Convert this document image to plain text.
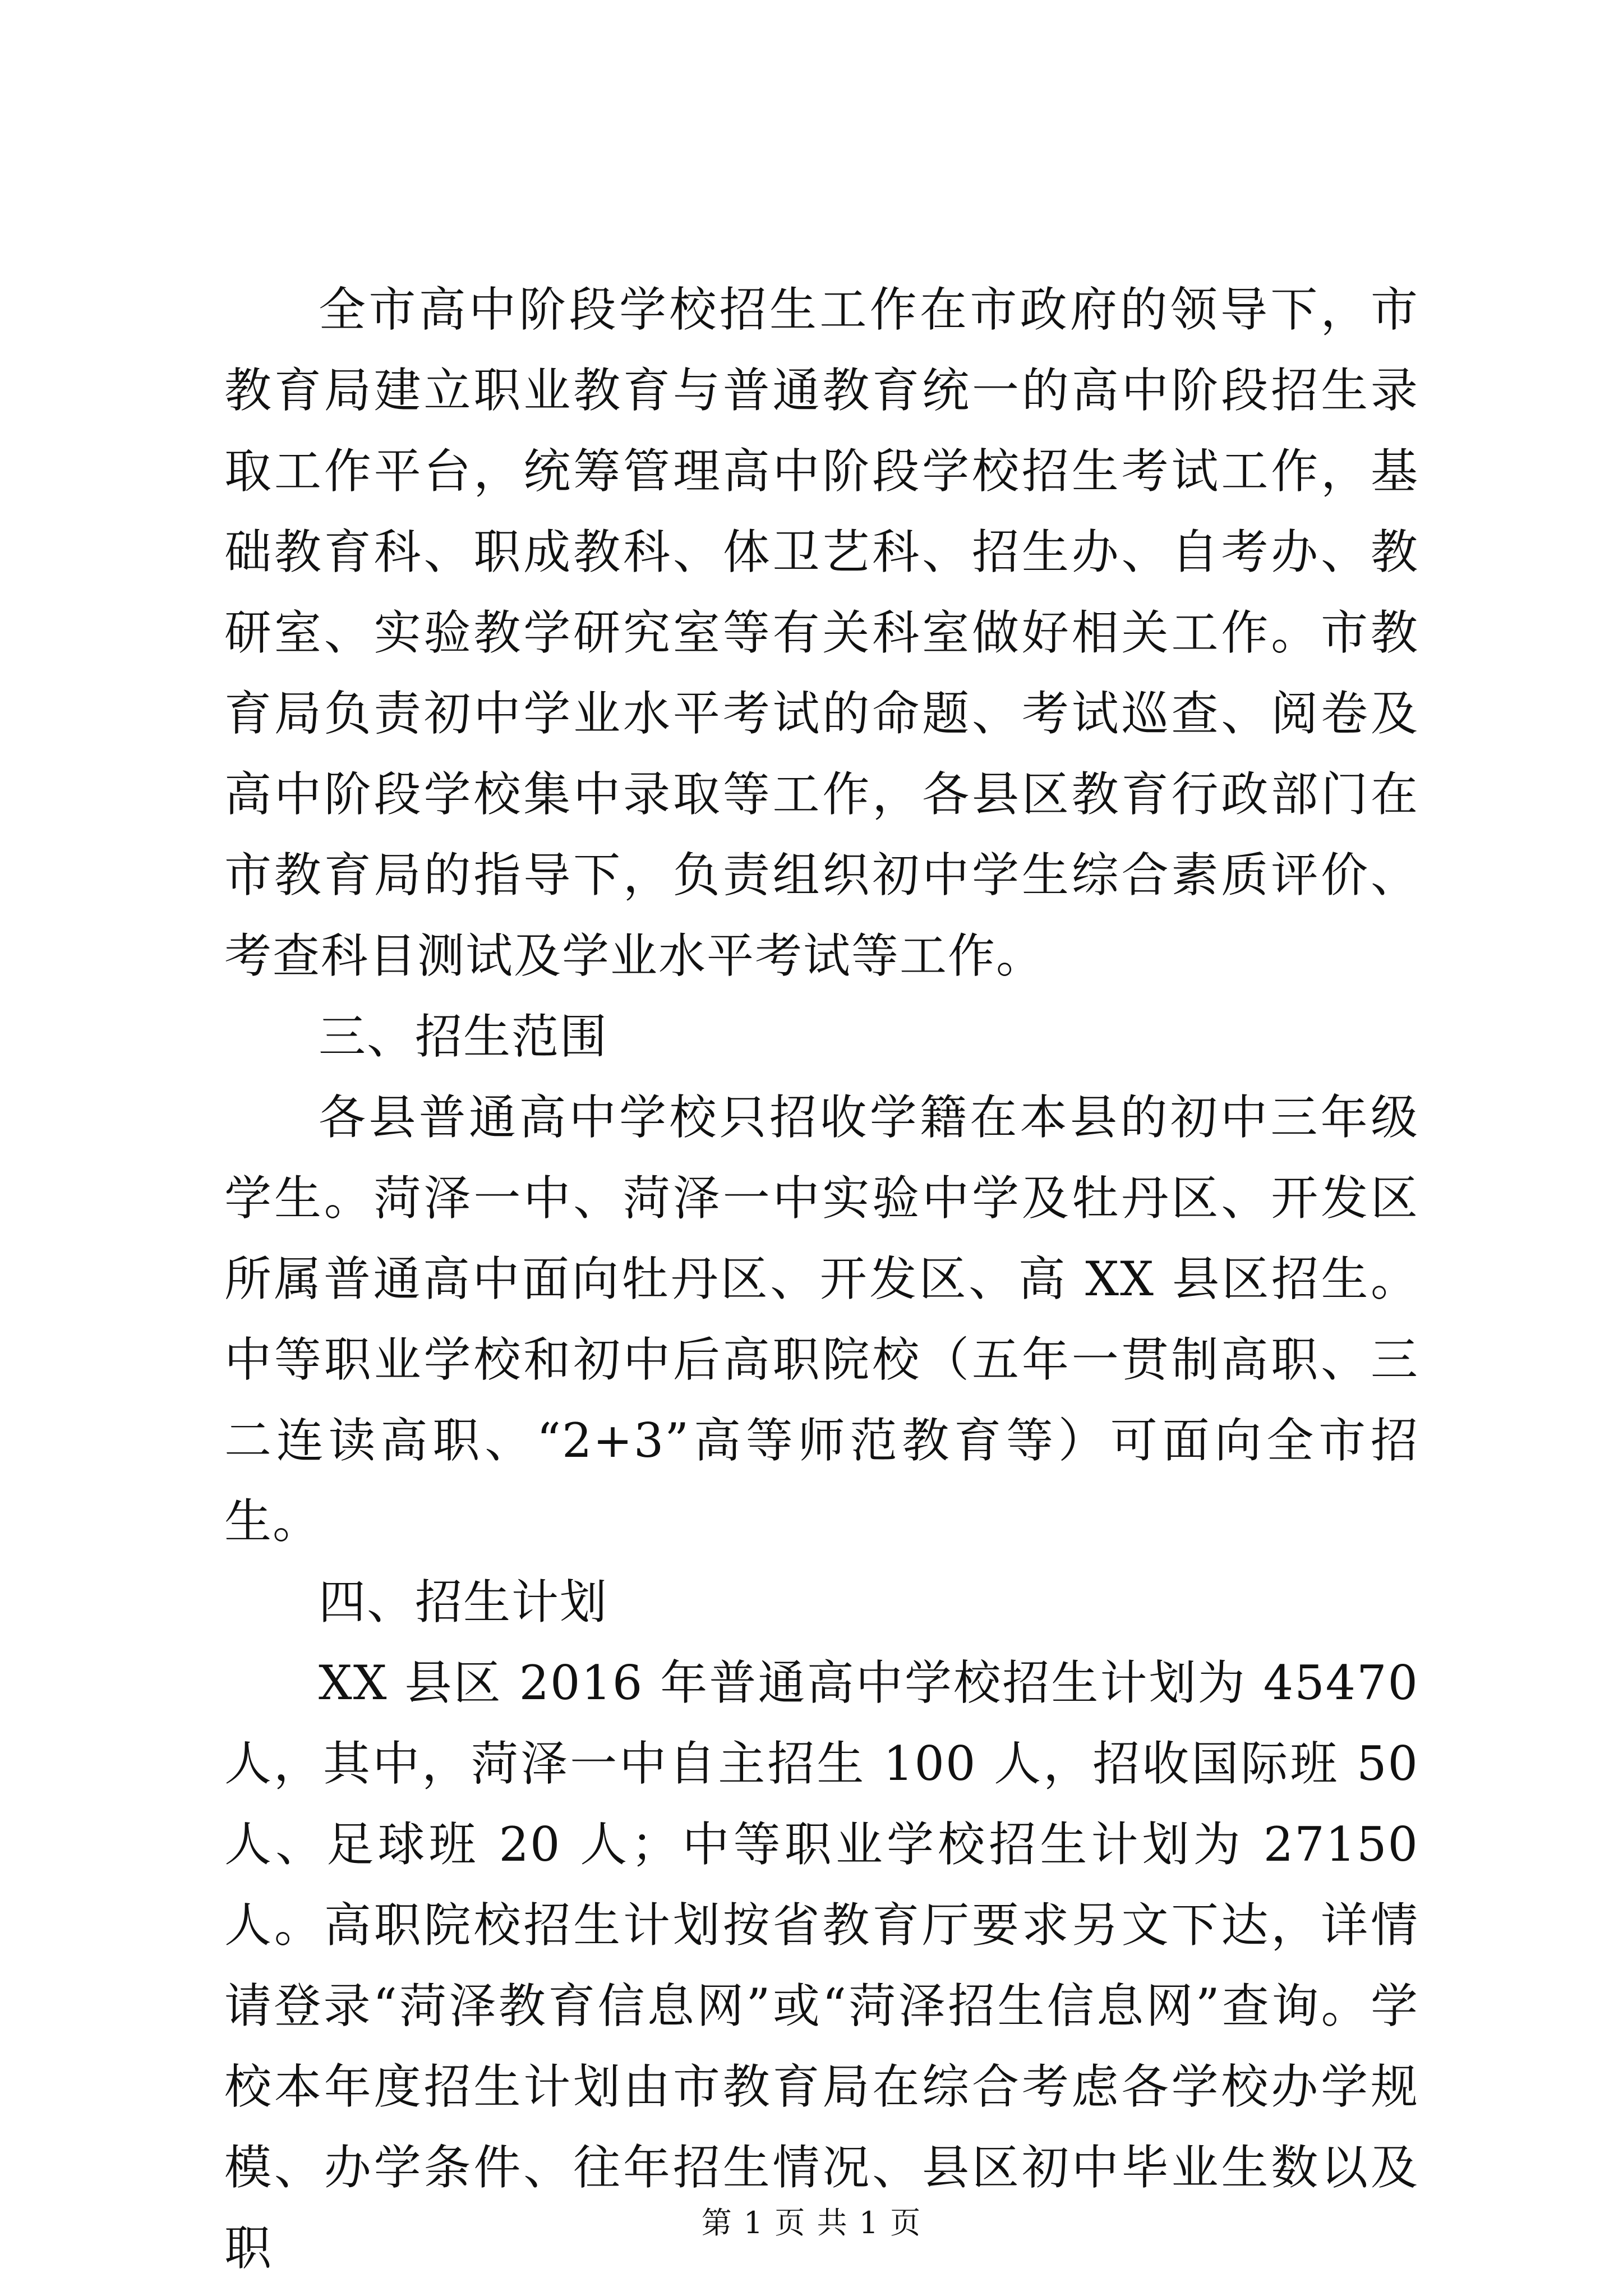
全市高中阶段学校招生工作在市政府的领导下，市教育局建立职业教育与普通教育统一的高中阶段招生录取工作平台，统筹管理高中阶段学校招生考试工作，基础教育科、职成教科、体卫艺科、招生办、自考办、教研室、实验教学研究室等有关科室做好相关工作。市教育局负责初中学业水平考试的命题、考试巡查、阅卷及高中阶段学校集中录取等工作，各县区教育行政部门在市教育局的指导下，负责组织初中学生综合素质评价、考查科目测试及学业水平考试等工作。

三、招生范围

各县普通高中学校只招收学籍在本县的初中三年级学生。菏泽一中、菏泽一中实验中学及牡丹区、开发区所属普通高中面向牡丹区、开发区、高 XX 县区招生。中等职业学校和初中后高职院校（五年一贯制高职、三二连读高职、“2+3”高等师范教育等）可面向全市招生。

四、招生计划

XX 县区 2016 年普通高中学校招生计划为 45470 人，其中，菏泽一中自主招生 100 人，招收国际班 50 人、足球班 20 人；中等职业学校招生计划为 27150 人。高职院校招生计划按省教育厅要求另文下达，详情请登录“菏泽教育信息网”或“菏泽招生信息网”查询。学校本年度招生计划由市教育局在综合考虑各学校办学规模、办学条件、往年招生情况、县区初中毕业生数以及职	第 1 页 共 1 页
